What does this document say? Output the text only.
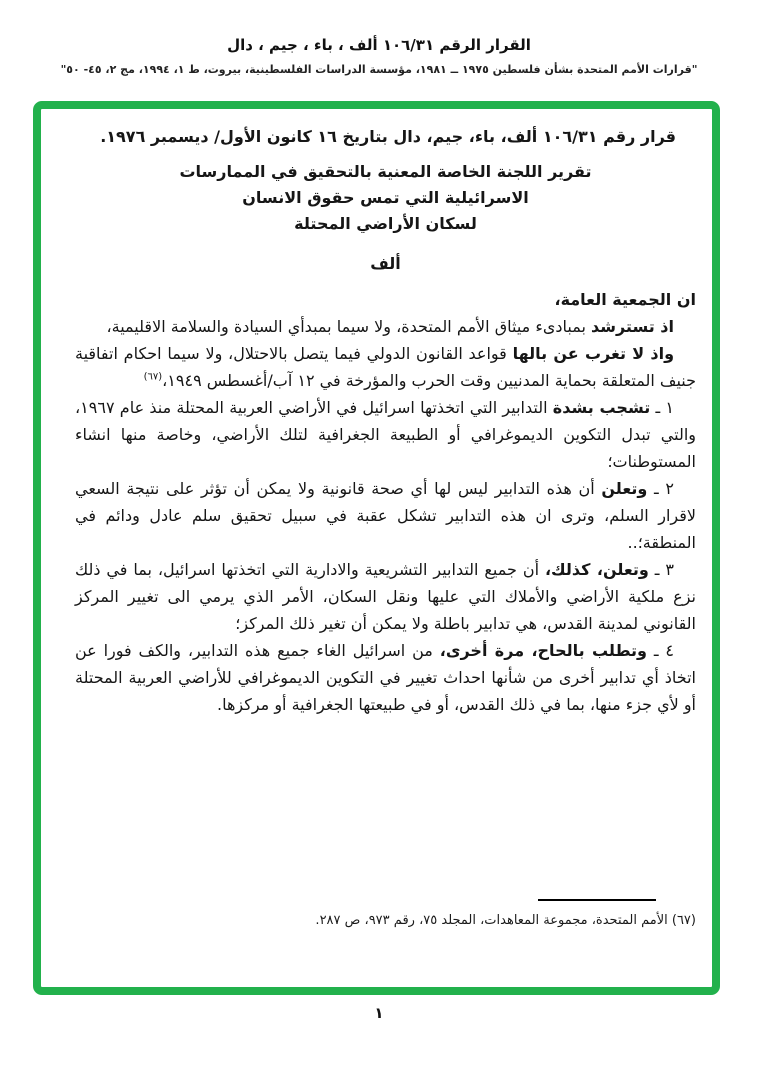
القرار الرقم ١٠٦/٣١ ألف ، باء ، جيم ، دال
"قرارات الأمم المتحدة بشأن فلسطين ١٩٧٥ ــ ١٩٨١، مؤسسة الدراسات الفلسطينية، بيروت، ط ١، ١٩٩٤، مج ٢، ٤٥- ٥٠"

قرار رقم ١٠٦/٣١ ألف، باء، جيم، دال بتاريخ ١٦ كانون الأول/ ديسمبر ١٩٧٦.

تقرير اللجنة الخاصة المعنية بالتحقيق في الممارسات
الاسرائيلية التي تمس حقوق الانسان
لسكان الأراضي المحتلة
ألف
ان الجمعية العامة،

اذ تسترشد بمبادىء ميثاق الأمم المتحدة، ولا سيما بمبدأي السيادة والسلامة الاقليمية،

واذ لا تغرب عن بالها قواعد القانون الدولي فيما يتصل بالاحتلال، ولا سيما احكام اتفاقية جنيف المتعلقة بحماية المدنيين وقت الحرب والمؤرخة في ١٢ آب/أغسطس ١٩٤٩،$^{(٦٧)}$

١ ـ تشجب بشدة التدابير التي اتخذتها اسرائيل في الأراضي العربية المحتلة منذ عام ١٩٦٧، والتي تبدل التكوين الديموغرافي أو الطبيعة الجغرافية لتلك الأراضي، وخاصة منها انشاء المستوطنات؛

٢ ـ وتعلن أن هذه التدابير ليس لها أي صحة قانونية ولا يمكن أن تؤثر على نتيجة السعي لاقرار السلم، وترى ان هذه التدابير تشكل عقبة في سبيل تحقيق سلم عادل ودائم في المنطقة؛..

٣ ـ وتعلن، كذلك، أن جميع التدابير التشريعية والادارية التي اتخذتها اسرائيل، بما في ذلك نزع ملكية الأراضي والأملاك التي عليها ونقل السكان، الأمر الذي يرمي الى تغيير المركز القانوني لمدينة القدس، هي تدابير باطلة ولا يمكن أن تغير ذلك المركز؛

٤ ـ وتطلب بالحاح، مرة أخرى، من اسرائيل الغاء جميع هذه التدابير، والكف فورا عن اتخاذ أي تدابير أخرى من شأنها احداث تغيير في التكوين الديموغرافي للأراضي العربية المحتلة أو لأي جزء منها، بما في ذلك القدس، أو في طبيعتها الجغرافية أو مركزها.

(٦٧) الأمم المتحدة، مجموعة المعاهدات، المجلد ٧٥، رقم ٩٧٣، ص ٢٨٧.
١
